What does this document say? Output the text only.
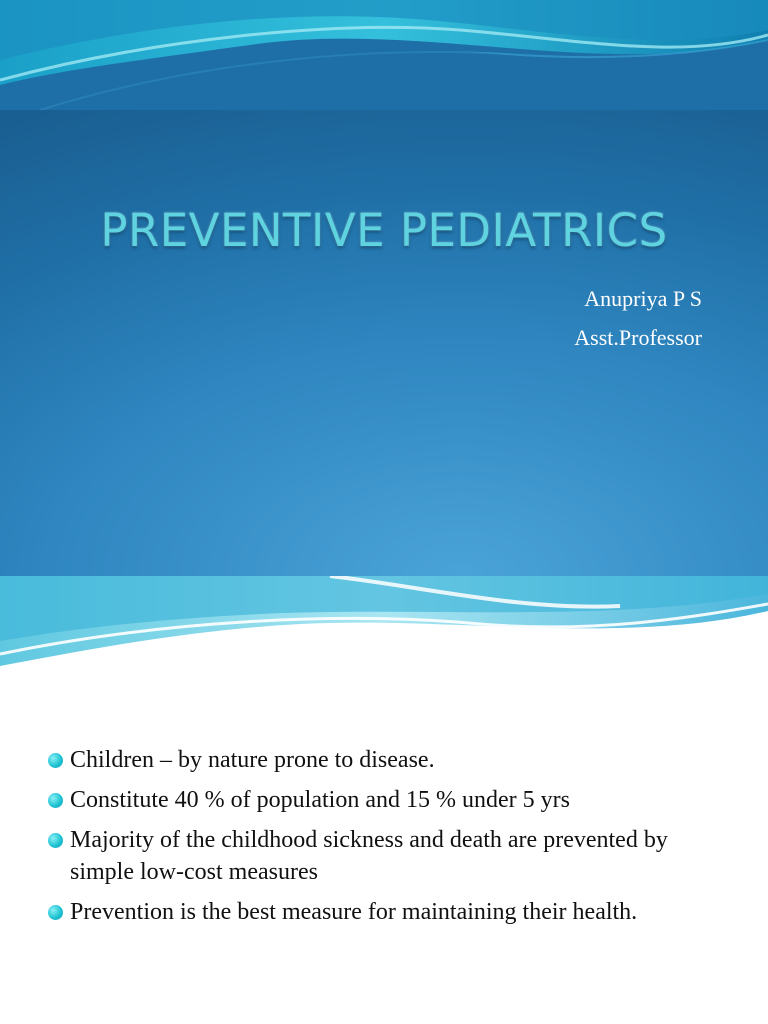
PREVENTIVE PEDIATRICS
Anupriya P S
Asst.Professor
Children – by nature prone to disease.
Constitute 40 % of population and 15 % under 5 yrs
Majority of the childhood sickness and death are prevented by simple low-cost measures
Prevention is the best measure for maintaining their health.
